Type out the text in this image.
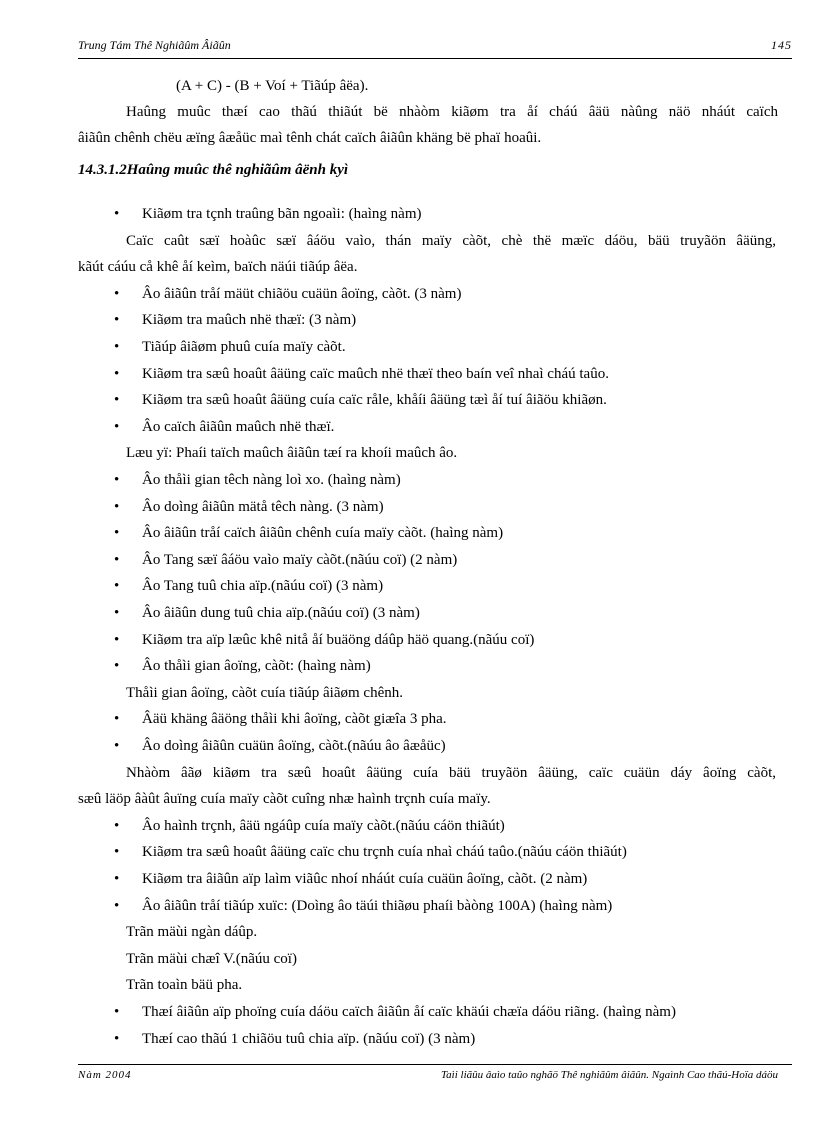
Trung Tám Thê Nghiãûm Âiãûn	145
(A + C) - (B + Voí + Tiãúp âëa).
Haûng muûc thæí cao thãú thiãút bë nhàòm kiãøm tra åí cháú âäü nàûng näö nháút caïch
âiãûn chênh chëu æïng âæåüc maì tênh chát caïch âiãûn khäng bë phaï hoaûi.
14.3.1.2Haûng muûc thê nghiãûm âënh kyì
• Kiãøm tra tçnh traûng bãn ngoaìi: (haìng nàm)
Caïc caût sæï hoàûc sæï âáöu vaìo, thán maïy càõt, chè thë mæïc dáöu, bäü truyãön âäüng,
kãút cáúu cå khê åí keìm, baïch näúi tiãúp âëa.
• Âo âiãûn tråí mäüt chiãöu cuäün âoïng, càõt. (3 nàm)
• Kiãøm tra maûch nhë thæï: (3 nàm)
• Tiãúp âiãøm phuû cuía maïy càõt.
• Kiãøm tra sæû hoaût âäüng caïc maûch nhë thæï theo baín veî nhaì cháú taûo.
• Kiãøm tra sæû hoaût âäüng cuía caïc råle, khåíi âäüng tæì åí tuí âiãöu khiãøn.
• Âo caïch âiãûn maûch nhë thæï.
Læu yï: Phaíi taïch maûch âiãûn tæí ra khoíi maûch âo.
• Âo thåìi gian têch nàng loì xo. (haìng nàm)
• Âo doìng âiãûn mätå têch nàng. (3 nàm)
• Âo âiãûn tråí caïch âiãûn chênh cuía maïy càõt. (haìng nàm)
• Âo Tang sæï âáöu vaìo maïy càõt.(nãúu coï) (2 nàm)
• Âo Tang tuû chia aïp.(nãúu coï) (3 nàm)
• Âo âiãûn dung tuû chia aïp.(nãúu coï) (3 nàm)
• Kiãøm tra aïp læûc khê nitå åí buäöng dáûp häö quang.(nãúu coï)
• Âo thåìi gian âoïng, càõt: (haìng nàm)
Thåìi gian âoïng, càõt cuía tiãúp âiãøm chênh.
• Âäü khäng âäöng thåìi khi âoïng, càõt giæîa 3 pha.
• Âo doìng âiãûn cuäün âoïng, càõt.(nãúu âo âæåüc)
Nhàòm âãø kiãøm tra sæû hoaût âäüng cuía bäü truyãön âäüng, caïc cuäün dáy âoïng càõt,
sæû läöp âàût âuïng cuía maïy càõt cuîng nhæ haình trçnh cuía maïy.
• Âo haình trçnh, âäü ngáûp cuía maïy càõt.(nãúu cáön thiãút)
• Kiãøm tra sæû hoaût âäüng caïc chu trçnh cuía nhaì cháú taûo.(nãúu cáön thiãút)
• Kiãøm tra âiãûn aïp laìm viãûc nhoí nháút cuía cuäün âoïng, càõt. (2 nàm)
• Âo âiãûn tråí tiãúp xuïc: (Doìng âo täúi thiãøu phaíi bàòng 100A) (haìng nàm)
Trãn mäùi ngàn dáûp.
Trãn mäùi chæî V.(nãúu coï)
Trãn toaìn bäü pha.
• Thæí âiãûn aïp phoïng cuía dáöu caïch âiãûn åí caïc khäúi chæïa dáöu riãng. (haìng nàm)
• Thæí cao thãú 1 chiãöu tuû chia aïp. (nãúu coï) (3 nàm)
Nàm 2004	Taìi liãûu âaìo taûo nghãö Thê nghiãûm âiãûn. Ngaình Cao thãú-Hoïa dáöu
